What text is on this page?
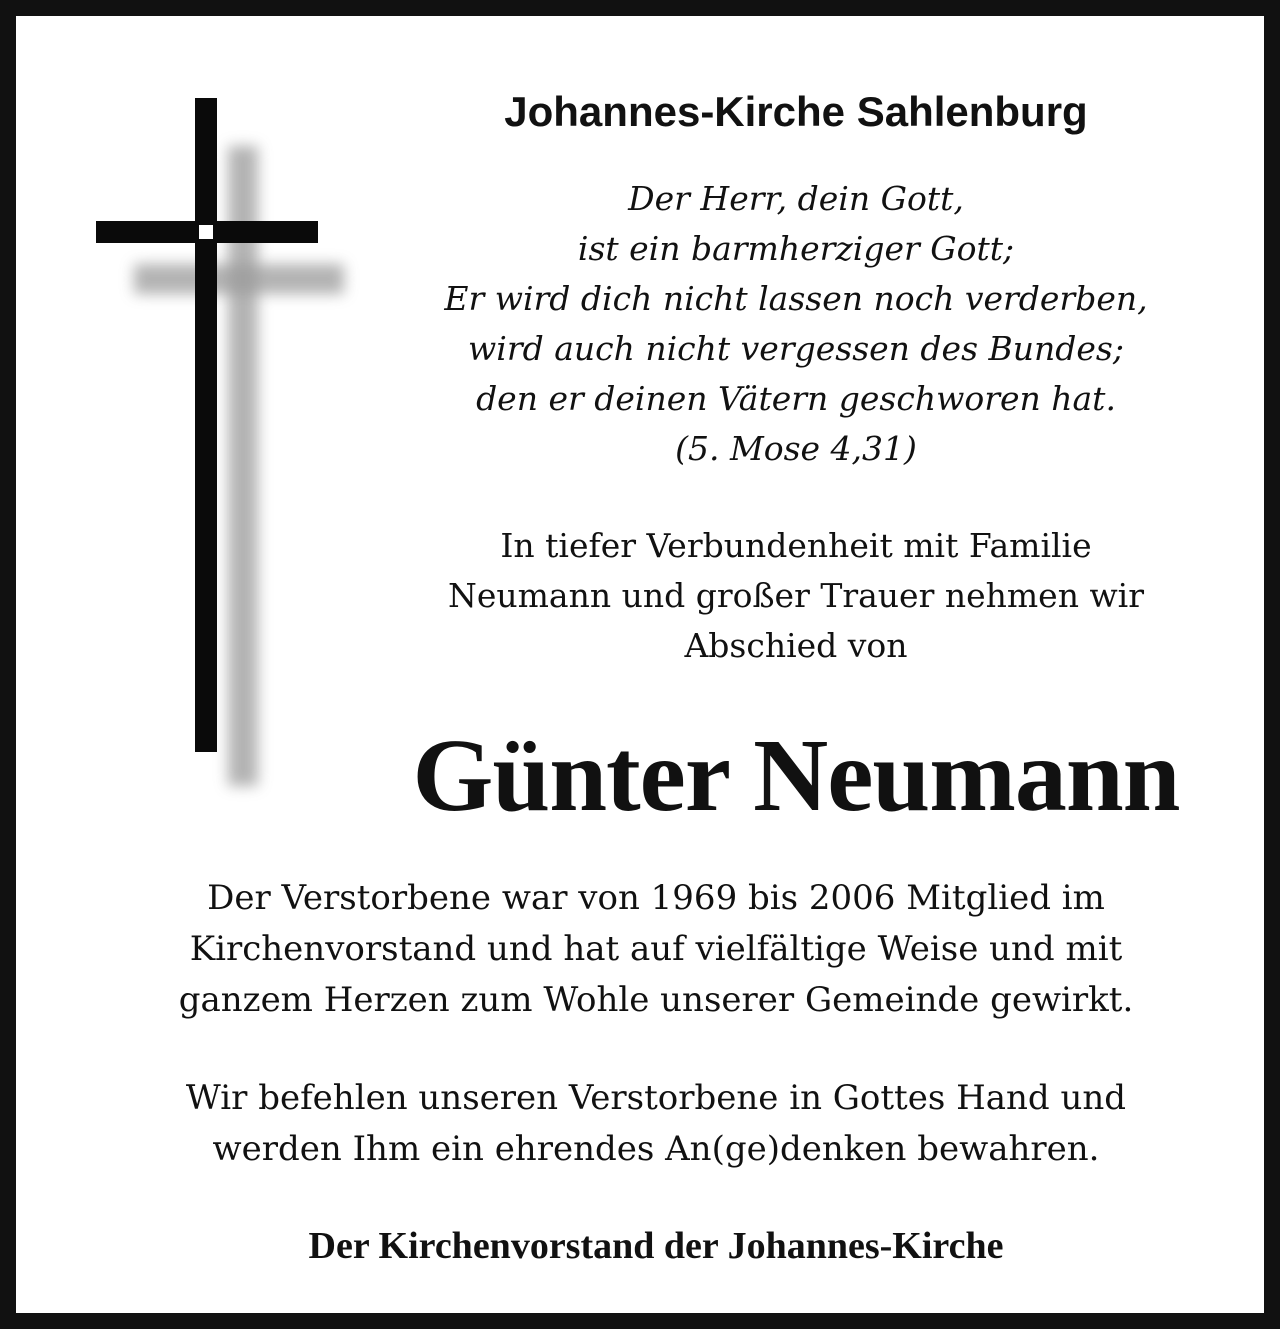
Johannes-Kirche Sahlenburg

Der Herr, dein Gott,
ist ein barmherziger Gott;
Er wird dich nicht lassen noch verderben,
wird auch nicht vergessen des Bundes;
den er deinen Vätern geschworen hat.
(5. Mose 4,31)

In tiefer Verbundenheit mit Familie
Neumann und großer Trauer nehmen wir
Abschied von

Günter Neumann

Der Verstorbene war von 1969 bis 2006 Mitglied im
Kirchenvorstand und hat auf vielfältige Weise und mit
ganzem Herzen zum Wohle unserer Gemeinde gewirkt.

Wir befehlen unseren Verstorbene in Gottes Hand und
werden Ihm ein ehrendes An(ge)denken bewahren.

Der Kirchenvorstand der Johannes-Kirche
